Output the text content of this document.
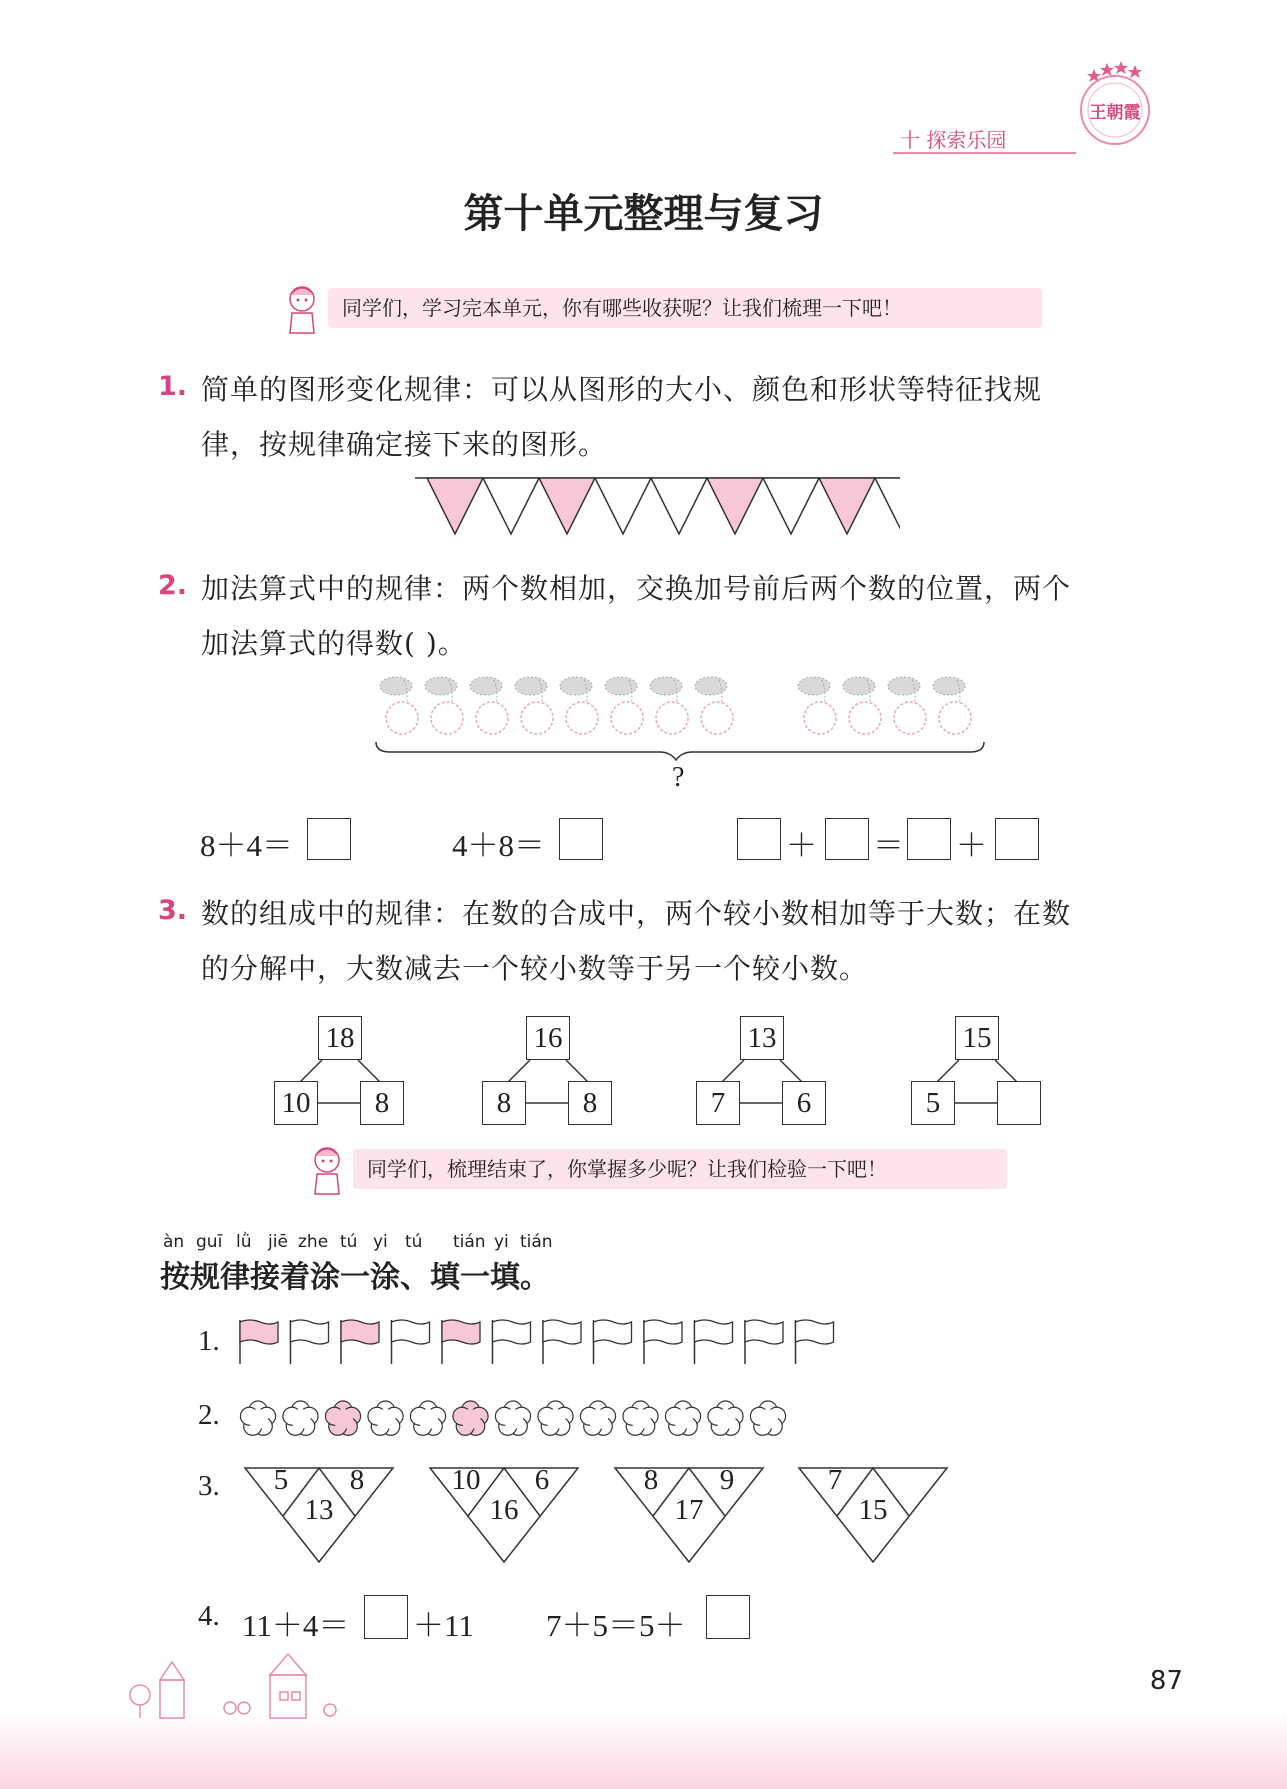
王朝霞
十 探索乐园
第十单元整理与复习
同学们，学习完本单元，你有哪些收获呢？让我们梳理一下吧！
1. 简单的图形变化规律：可以从图形的大小、颜色和形状等特征找规
律，按规律确定接下来的图形。
2. 加法算式中的规律：两个数相加，交换加号前后两个数的位置，两个
加法算式的得数( )。
?
8＋4＝	4＋8＝	＋ ＝ ＋
3. 数的组成中的规律：在数的合成中，两个较小数相加等于大数；在数
的分解中，大数减去一个较小数等于另一个较小数。
18
10	8
16
8	8
13
7	6
15
5
同学们，梳理结束了，你掌握多少呢？让我们检验一下吧！
àn guī lǜ jiē zhe tú yi tú tián yi tián
按规律接着涂一涂、填一填。
1.
2.
3.	5	8
13
10	6
16
8	9
17
7
15
4. 11＋4＝ ＋11 7＋5＝5＋
87
